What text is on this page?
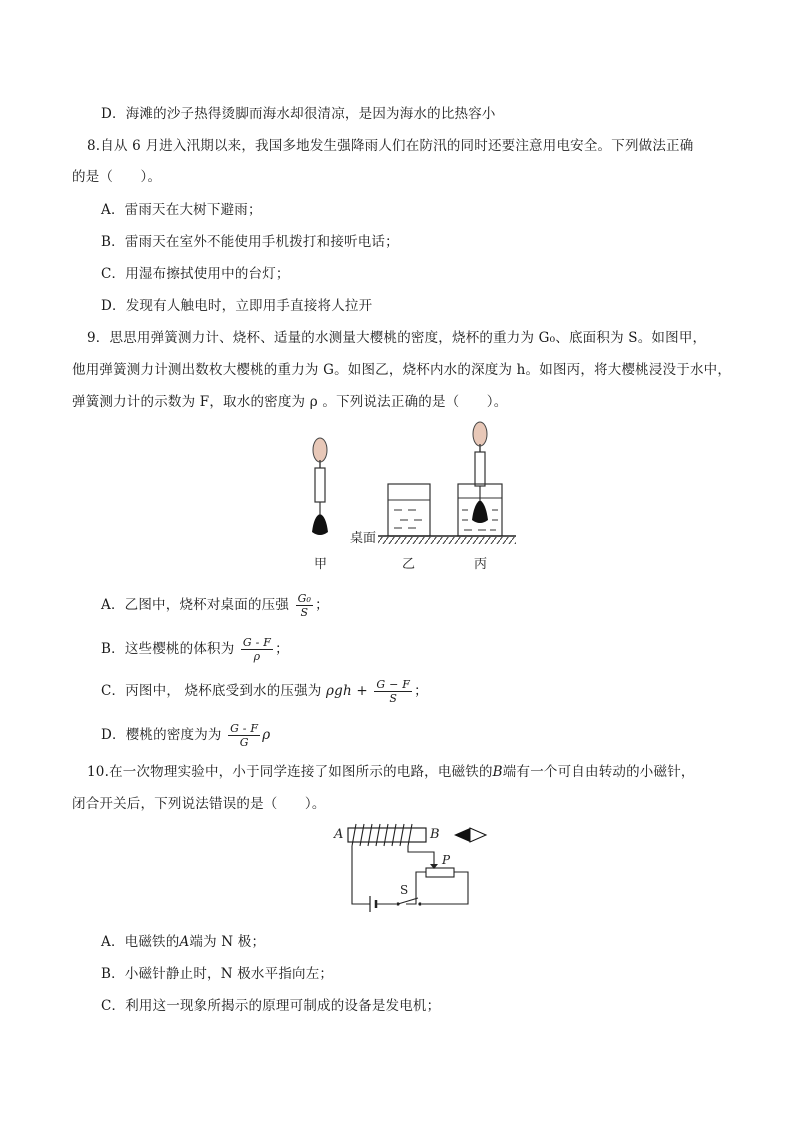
D．海滩的沙子热得烫脚而海水却很清凉，是因为海水的比热容小
8.自从 6 月进入汛期以来，我国多地发生强降雨人们在防汛的同时还要注意用电安全。下列做法正确
的是（　　）。
A．雷雨天在大树下避雨；
B．雷雨天在室外不能使用手机拨打和接听电话；
C．用湿布擦拭使用中的台灯；
D．发现有人触电时，立即用手直接将人拉开
9．思思用弹簧测力计、烧杯、适量的水测量大樱桃的密度，烧杯的重力为 G₀、底面积为 S。如图甲，
他用弹簧测力计测出数枚大樱桃的重力为 G。如图乙，烧杯内水的深度为 h。如图丙，将大樱桃浸没于水中，
弹簧测力计的示数为 F，取水的密度为 ρ 。下列说法正确的是（　　）。
桌面
甲	乙	丙
A．乙图中，烧杯对桌面的压强 $\frac{\text{G₀}}{S}$ ；
B．这些樱桃的体积为 $\frac{G - F}{\rho}$ ；
C．丙图中， 烧杯底受到水的压强为 $\rho gh + \frac{G - F}{S}$ ；
D．樱桃的密度为为 $\frac{G - F}{G}$ ρ
10.在一次物理实验中，小于同学连接了如图所示的电路，电磁铁的B端有一个可自由转动的小磁针，
闭合开关后，下列说法错误的是（　　）。
A	B
P
S
A．电磁铁的A端为 N 极；
B．小磁针静止时，N 极水平指向左；
C．利用这一现象所揭示的原理可制成的设备是发电机；
